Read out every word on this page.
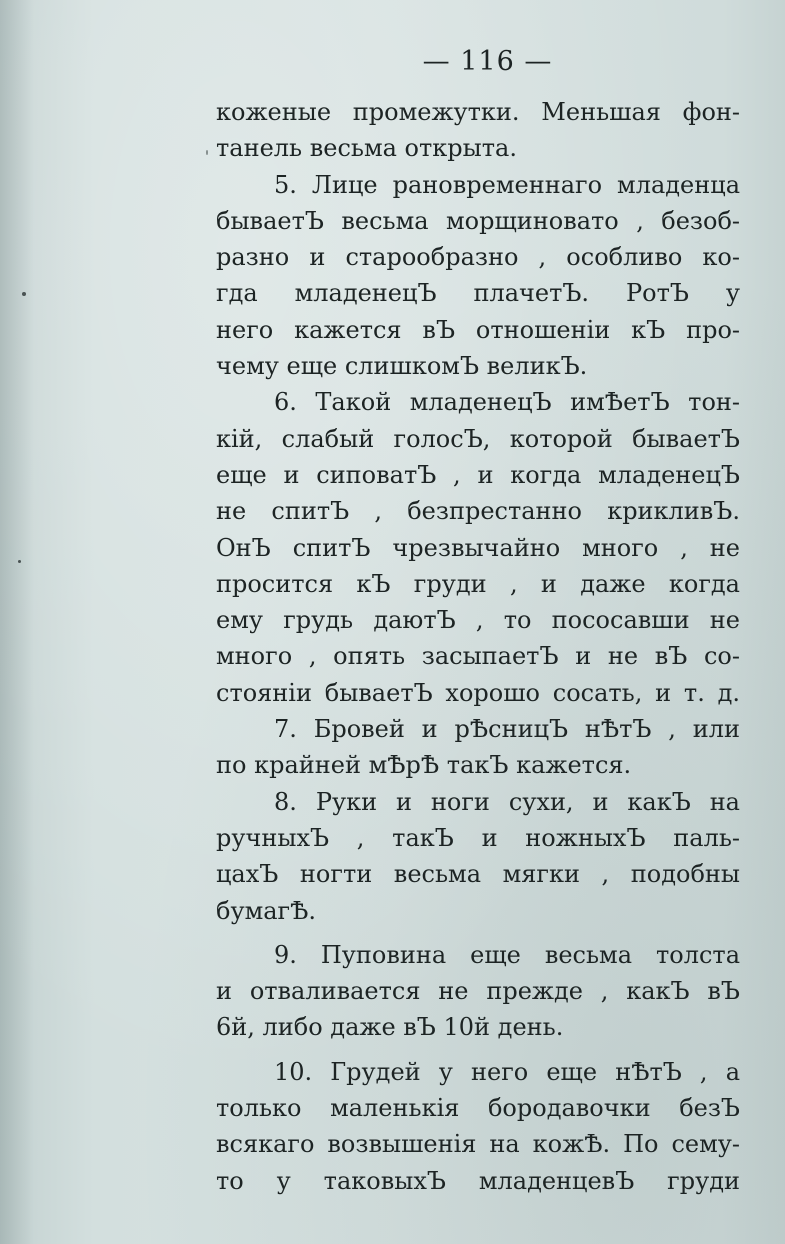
— 116 —
коженые промежутки. Меньшая фон-
танель весьма открыта.
5. Лице рановременнаго младенца
бываетЪ весьма морщиновато , безоб-
разно и старообразно , особливо ко-
гда младенецЪ плачетЪ. РотЪ у
него кажется вЪ отношенiи кЪ про-
чему еще слишкомЪ великЪ.
6. Такой младенецЪ имѢетЪ тон-
кiй, слабый голосЪ, которой бываетЪ
еще и сиповатЪ , и когда младенецЪ
не спитЪ , безпрестанно крикливЪ.
ОнЪ спитЪ чрезвычайно много , не
просится кЪ груди , и даже когда
ему грудь даютЪ , то пососавши не
много , опять засыпаетЪ и не вЪ со-
стоянiи бываетЪ хорошо сосать, и т. д.
7. Бровей и рѢсницЪ нѢтЪ , или
по крайней мѢрѢ такЪ кажется.
8. Руки и ноги сухи, и какЪ на
ручныхЪ , такЪ и ножныхЪ паль-
цахЪ ногти весьма мягки , подобны
бумагѢ.
9. Пуповина еще весьма толста
и отваливается не прежде , какЪ вЪ
6й, либо даже вЪ 10й день.
10. Грудей у него еще нѢтЪ , а
только маленькiя бородавочки безЪ
всякаго возвышенiя на кожѢ. По сему-
то у таковыхЪ младенцевЪ груди
